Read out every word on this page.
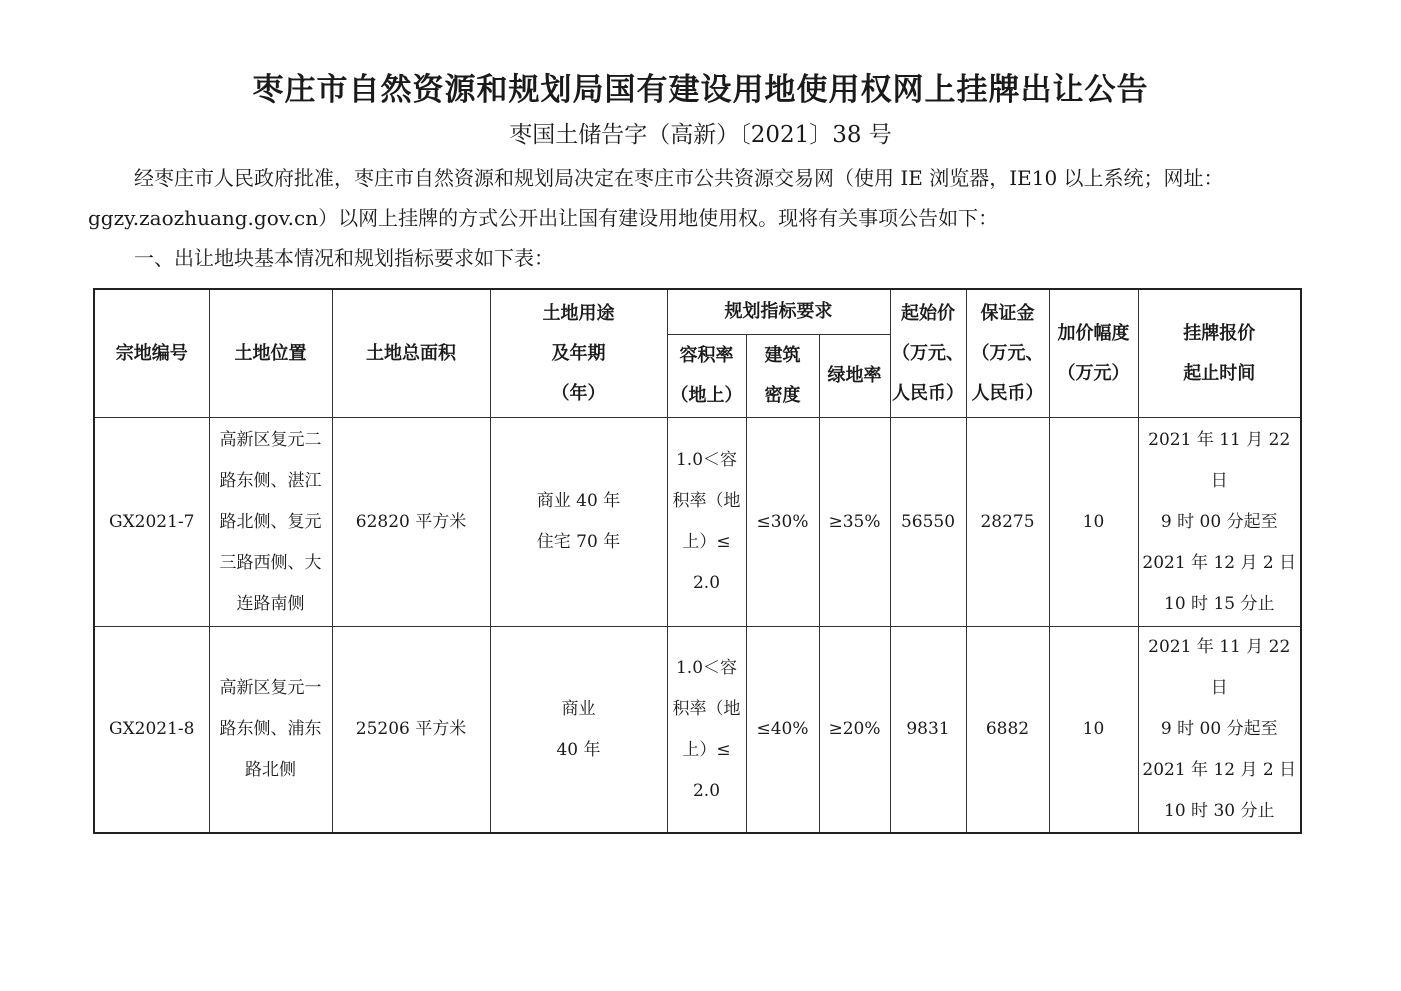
枣庄市自然资源和规划局国有建设用地使用权网上挂牌出让公告
枣国土储告字（高新）〔2021〕38 号
经枣庄市人民政府批准，枣庄市自然资源和规划局决定在枣庄市公共资源交易网（使用 IE 浏览器，IE10 以上系统；网址：ggzy.zaozhuang.gov.cn）以网上挂牌的方式公开出让国有建设用地使用权。现将有关事项公告如下：
一、出让地块基本情况和规划指标要求如下表：
宗地编号	土地位置	土地总面积	土地用途
及年期
（年）	规划指标要求			起始价
（万元、
人民币）	保证金
（万元、
人民币）	加价幅度
（万元）	挂牌报价
起止时间

				容积率
（地上）	建筑
密度	绿地率				
GX2021-7	高新区复元二
路东侧、湛江
路北侧、复元
三路西侧、大
连路南侧	62820 平方米	商业 40 年
住宅 70 年	1.0＜容
积率（地
上）≤
2.0	≤30%	≥35%	56550	28275	10	2021 年 11 月 22 日
9 时 00 分起至
2021 年 12 月 2 日
10 时 15 分止

GX2021-8	高新区复元一
路东侧、浦东
路北侧	25206 平方米	商业
40 年	1.0＜容
积率（地
上）≤
2.0	≤40%	≥20%	9831	6882	10	2021 年 11 月 22 日
9 时 00 分起至
2021 年 12 月 2 日
10 时 30 分止
